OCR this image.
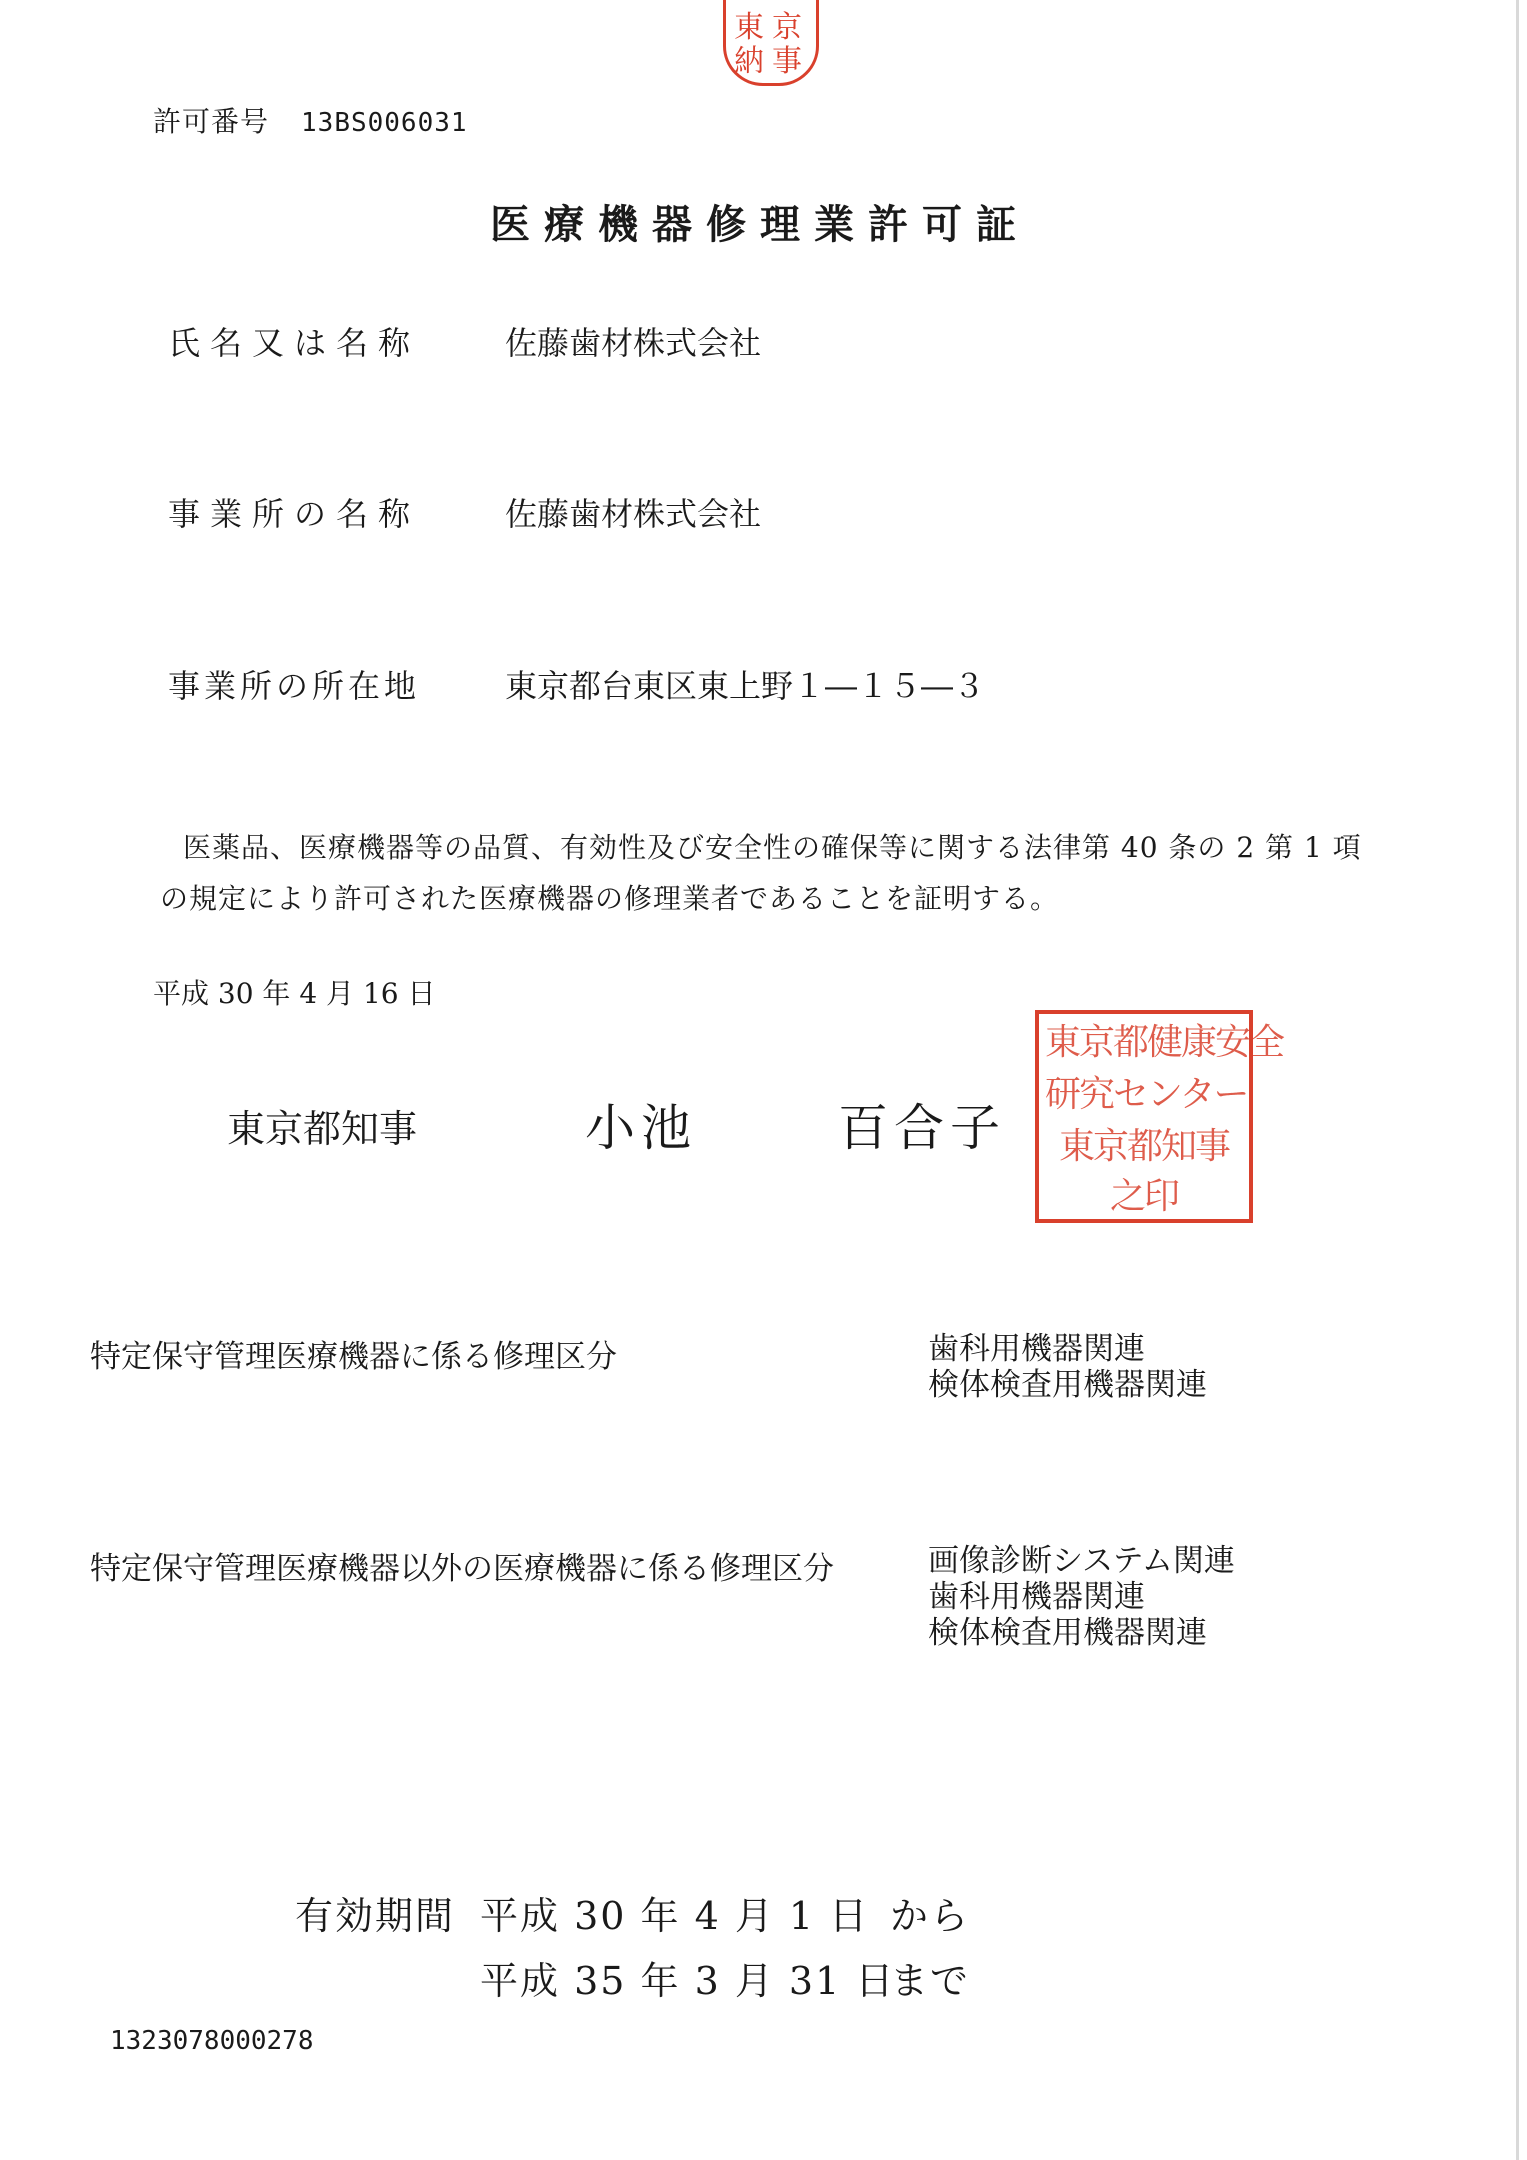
東 京
納 事
許可番号 13BS006031
医療機器修理業許可証
氏名又は名称	佐藤歯材株式会社
事業所の名称	佐藤歯材株式会社
事業所の所在地	東京都台東区東上野１―１５―３
医薬品、医療機器等の品質、有効性及び安全性の確保等に関する法律第 40 条の 2 第 1 項
の規定により許可された医療機器の修理業者であることを証明する。
平成 30 年 4 月 16 日
東京都知事	小池	百合子
東京都健康安全
研究センター
東京都知事
之印
特定保守管理医療機器に係る修理区分	歯科用機器関連
検体検査用機器関連
特定保守管理医療機器以外の医療機器に係る修理区分	画像診断システム関連
歯科用機器関連
検体検査用機器関連
有効期間 平成 30 年 4 月 1 日 から
平成 35 年 3 月 31 日
まで
1323078000278
